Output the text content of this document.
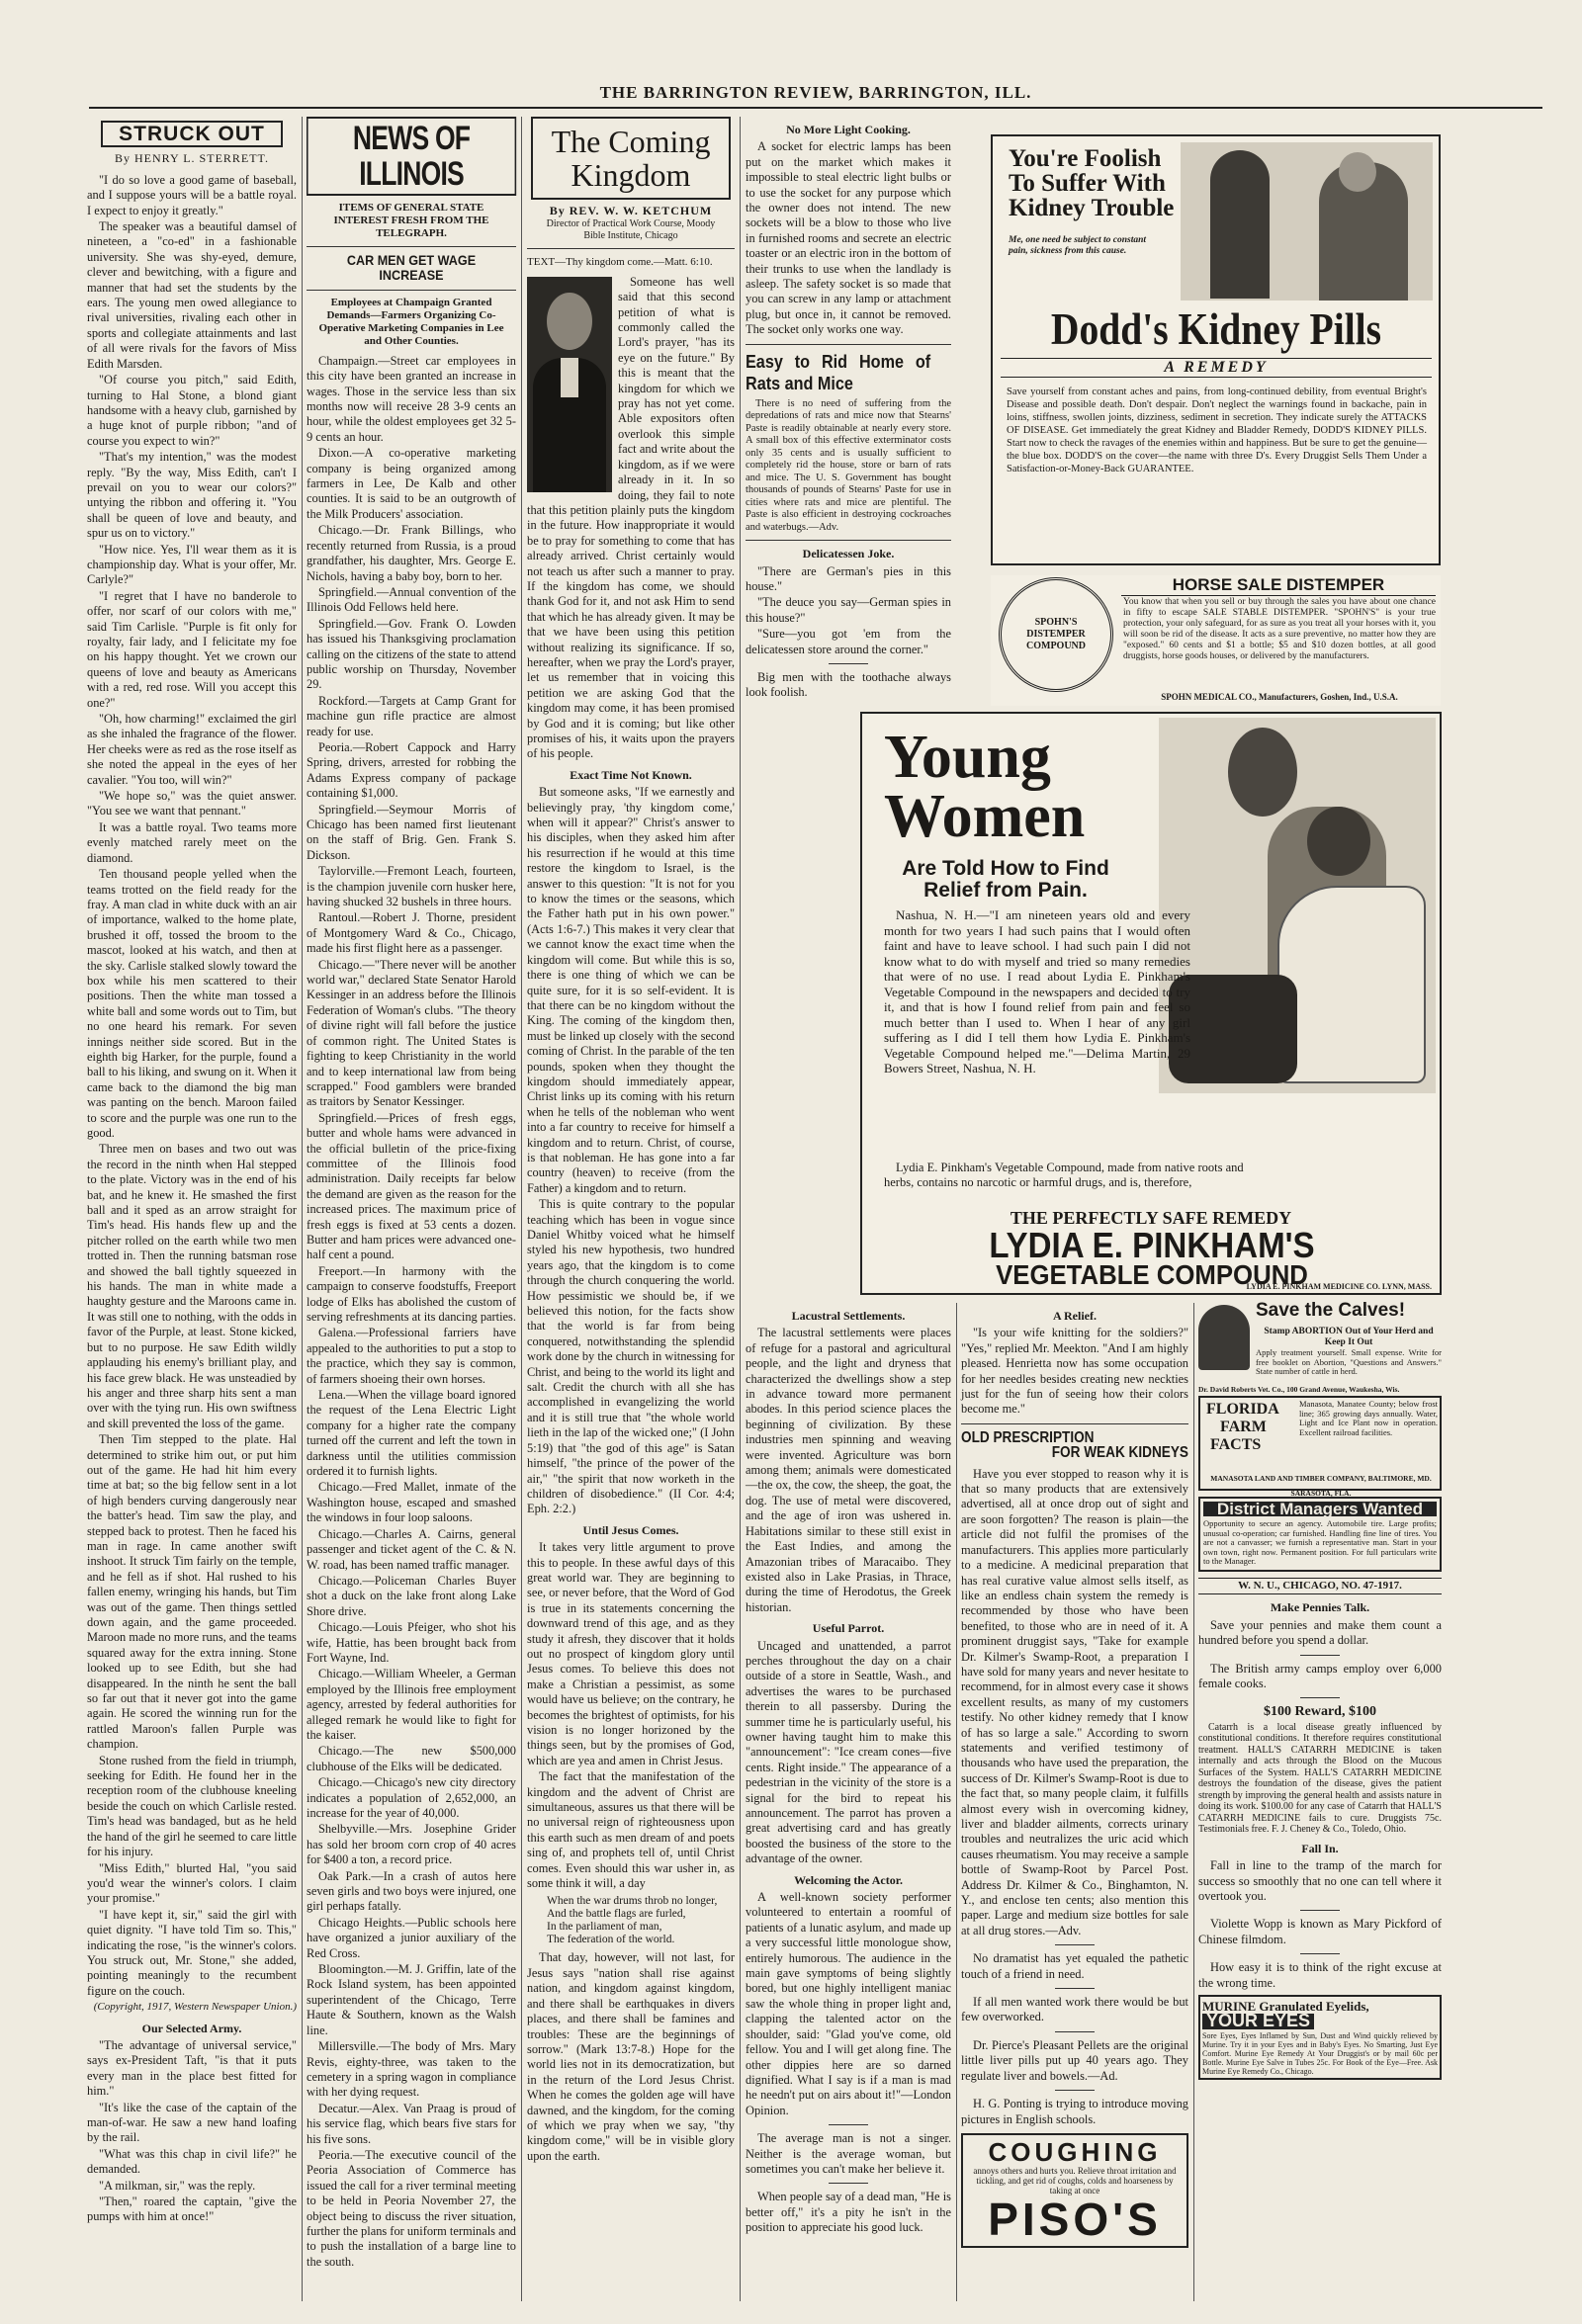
THE BARRINGTON REVIEW, BARRINGTON, ILL.
STRUCK OUT
By HENRY L. STERRETT.

"I do so love a good game of baseball, and I suppose yours will be a battle royal. I expect to enjoy it greatly."

The speaker was a beautiful damsel of nineteen, a "co-ed" in a fashionable university. She was shy-eyed, demure, clever and bewitching, with a figure and manner that had set the students by the ears. The young men owed allegiance to rival universities, rivaling each other in sports and collegiate attainments and last of all were rivals for the favors of Miss Edith Marsden.

"Of course you pitch," said Edith, turning to Hal Stone, a blond giant handsome with a heavy club, garnished by a huge knot of purple ribbon; "and of course you expect to win?"

"That's my intention," was the modest reply. "By the way, Miss Edith, can't I prevail on you to wear our colors?" untying the ribbon and offering it. "You shall be queen of love and beauty, and spur us on to victory."

"How nice. Yes, I'll wear them as it is championship day. What is your offer, Mr. Carlyle?"

"I regret that I have no banderole to offer, nor scarf of our colors with me," said Tim Carlisle. "Purple is fit only for royalty, fair lady, and I felicitate my foe on his happy thought. Yet we crown our queens of love and beauty as Americans with a red, red rose. Will you accept this one?"

"Oh, how charming!" exclaimed the girl as she inhaled the fragrance of the flower. Her cheeks were as red as the rose itself as she noted the appeal in the eyes of her cavalier. "You too, will win?"

"We hope so," was the quiet answer. "You see we want that pennant."

It was a battle royal. Two teams more evenly matched rarely meet on the diamond.

Ten thousand people yelled when the teams trotted on the field ready for the fray. A man clad in white duck with an air of importance, walked to the home plate, brushed it off, tossed the broom to the mascot, looked at his watch, and then at the sky. Carlisle stalked slowly toward the box while his men scattered to their positions. Then the white man tossed a white ball and some words out to Tim, but no one heard his remark. For seven innings neither side scored. But in the eighth big Harker, for the purple, found a ball to his liking, and swung on it. When it came back to the diamond the big man was panting on the bench. Maroon failed to score and the purple was one run to the good.

Three men on bases and two out was the record in the ninth when Hal stepped to the plate. Victory was in the end of his bat, and he knew it. He smashed the first ball and it sped as an arrow straight for Tim's head. His hands flew up and the pitcher rolled on the earth while two men trotted in. Then the running batsman rose and showed the ball tightly squeezed in his hands. The man in white made a haughty gesture and the Maroons came in. It was still one to nothing, with the odds in favor of the Purple, at least. Stone kicked, but to no purpose. He saw Edith wildly applauding his enemy's brilliant play, and his face grew black. He was unsteadied by his anger and three sharp hits sent a man over with the tying run. His own swiftness and skill prevented the loss of the game.

Then Tim stepped to the plate. Hal determined to strike him out, or put him out of the game. He had hit him every time at bat; so the big fellow sent in a lot of high benders curving dangerously near the batter's head. Tim saw the play, and stepped back to protest. Then he faced his man in rage. In came another swift inshoot. It struck Tim fairly on the temple, and he fell as if shot. Hal rushed to his fallen enemy, wringing his hands, but Tim was out of the game. Then things settled down again, and the game proceeded. Maroon made no more runs, and the teams squared away for the extra inning. Stone looked up to see Edith, but she had disappeared. In the ninth he sent the ball so far out that it never got into the game again. He scored the winning run for the rattled Maroon's fallen Purple was champion.

Stone rushed from the field in triumph, seeking for Edith. He found her in the reception room of the clubhouse kneeling beside the couch on which Carlisle rested. Tim's head was bandaged, but as he held the hand of the girl he seemed to care little for his injury.

"Miss Edith," blurted Hal, "you said you'd wear the winner's colors. I claim your promise."

"I have kept it, sir," said the girl with quiet dignity. "I have told Tim so. This," indicating the rose, "is the winner's colors. You struck out, Mr. Stone," she added, pointing meaningly to the recumbent figure on the couch.

(Copyright, 1917, Western Newspaper Union.)
Our Selected Army.

"The advantage of universal service," says ex-President Taft, "is that it puts every man in the place best fitted for him."

"It's like the case of the captain of the man-of-war. He saw a new hand loafing by the rail.

"What was this chap in civil life?" he demanded.

"A milkman, sir," was the reply.

"Then," roared the captain, "give the pumps with him at once!"

NEWS OF ILLINOIS
ITEMS OF GENERAL STATE INTEREST FRESH FROM THE TELEGRAPH.
CAR MEN GET WAGE INCREASE
Employees at Champaign Granted Demands—Farmers Organizing Co-Operative Marketing Companies in Lee and Other Counties.

Champaign.—Street car employees in this city have been granted an increase in wages. Those in the service less than six months now will receive 28 3-9 cents an hour, while the oldest employees get 32 5-9 cents an hour.

Dixon.—A co-operative marketing company is being organized among farmers in Lee, De Kalb and other counties. It is said to be an outgrowth of the Milk Producers' association.

Chicago.—Dr. Frank Billings, who recently returned from Russia, is a proud grandfather, his daughter, Mrs. George E. Nichols, having a baby boy, born to her.

Springfield.—Annual convention of the Illinois Odd Fellows held here.

Springfield.—Gov. Frank O. Lowden has issued his Thanksgiving proclamation calling on the citizens of the state to attend public worship on Thursday, November 29.

Rockford.—Targets at Camp Grant for machine gun rifle practice are almost ready for use.

Peoria.—Robert Cappock and Harry Spring, drivers, arrested for robbing the Adams Express company of package containing $1,000.

Springfield.—Seymour Morris of Chicago has been named first lieutenant on the staff of Brig. Gen. Frank S. Dickson.

Taylorville.—Fremont Leach, fourteen, is the champion juvenile corn husker here, having shucked 32 bushels in three hours.

Rantoul.—Robert J. Thorne, president of Montgomery Ward & Co., Chicago, made his first flight here as a passenger.

Chicago.—"There never will be another world war," declared State Senator Harold Kessinger in an address before the Illinois Federation of Woman's clubs. "The theory of divine right will fall before the justice of common right. The United States is fighting to keep Christianity in the world and to keep international law from being scrapped." Food gamblers were branded as traitors by Senator Kessinger.

Springfield.—Prices of fresh eggs, butter and whole hams were advanced in the official bulletin of the price-fixing committee of the Illinois food administration. Daily receipts far below the demand are given as the reason for the increased prices. The maximum price of fresh eggs is fixed at 53 cents a dozen. Butter and ham prices were advanced one-half cent a pound.

Freeport.—In harmony with the campaign to conserve foodstuffs, Freeport lodge of Elks has abolished the custom of serving refreshments at its dancing parties.

Galena.—Professional farriers have appealed to the authorities to put a stop to the practice, which they say is common, of farmers shoeing their own horses.

Lena.—When the village board ignored the request of the Lena Electric Light company for a higher rate the company turned off the current and left the town in darkness until the utilities commission ordered it to furnish lights.

Chicago.—Fred Mallet, inmate of the Washington house, escaped and smashed the windows in four loop saloons.

Chicago.—Charles A. Cairns, general passenger and ticket agent of the C. & N. W. road, has been named traffic manager.

Chicago.—Policeman Charles Buyer shot a duck on the lake front along Lake Shore drive.

Chicago.—Louis Pfeiger, who shot his wife, Hattie, has been brought back from Fort Wayne, Ind.

Chicago.—William Wheeler, a German employed by the Illinois free employment agency, arrested by federal authorities for alleged remark he would like to fight for the kaiser.

Chicago.—The new $500,000 clubhouse of the Elks will be dedicated.

Chicago.—Chicago's new city directory indicates a population of 2,652,000, an increase for the year of 40,000.

Shelbyville.—Mrs. Josephine Grider has sold her broom corn crop of 40 acres for $400 a ton, a record price.

Oak Park.—In a crash of autos here seven girls and two boys were injured, one girl perhaps fatally.

Chicago Heights.—Public schools here have organized a junior auxiliary of the Red Cross.

Bloomington.—M. J. Griffin, late of the Rock Island system, has been appointed superintendent of the Chicago, Terre Haute & Southern, known as the Walsh line.

Millersville.—The body of Mrs. Mary Revis, eighty-three, was taken to the cemetery in a spring wagon in compliance with her dying request.

Decatur.—Alex. Van Praag is proud of his service flag, which bears five stars for his five sons.

Peoria.—The executive council of the Peoria Association of Commerce has issued the call for a river terminal meeting to be held in Peoria November 27, the object being to discuss the river situation, further the plans for uniform terminals and to push the installation of a barge line to the south.

The Coming Kingdom
By REV. W. W. KETCHUM
Director of Practical Work Course, Moody Bible Institute, Chicago
TEXT—Thy kingdom come.—Matt. 6:10.

Someone has well said that this second petition of what is commonly called the Lord's prayer, "has its eye on the future." By this is meant that the kingdom for which we pray has not yet come. Able expositors often overlook this simple fact and write about the kingdom, as if we were already in it. In so doing, they fail to note that this petition plainly puts the kingdom in the future. How inappropriate it would be to pray for something to come that has already arrived. Christ certainly would not teach us after such a manner to pray. If the kingdom has come, we should thank God for it, and not ask Him to send that which he has already given. It may be that we have been using this petition without realizing its significance. If so, hereafter, when we pray the Lord's prayer, let us remember that in voicing this petition we are asking God that the kingdom may come, it has been promised by God and it is coming; but like other promises of his, it waits upon the prayers of his people.

Exact Time Not Known.

But someone asks, "If we earnestly and believingly pray, 'thy kingdom come,' when will it appear?" Christ's answer to his disciples, when they asked him after his resurrection if he would at this time restore the kingdom to Israel, is the answer to this question: "It is not for you to know the times or the seasons, which the Father hath put in his own power." (Acts 1:6-7.) This makes it very clear that we cannot know the exact time when the kingdom will come. But while this is so, there is one thing of which we can be quite sure, for it is so self-evident. It is that there can be no kingdom without the King. The coming of the kingdom then, must be linked up closely with the second coming of Christ. In the parable of the ten pounds, spoken when they thought the kingdom should immediately appear, Christ links up its coming with his return when he tells of the nobleman who went into a far country to receive for himself a kingdom and to return. Christ, of course, is that nobleman. He has gone into a far country (heaven) to receive (from the Father) a kingdom and to return.

This is quite contrary to the popular teaching which has been in vogue since Daniel Whitby voiced what he himself styled his new hypothesis, two hundred years ago, that the kingdom is to come through the church conquering the world. How pessimistic we should be, if we believed this notion, for the facts show that the world is far from being conquered, notwithstanding the splendid work done by the church in witnessing for Christ, and being to the world its light and salt. Credit the church with all she has accomplished in evangelizing the world and it is still true that "the whole world lieth in the lap of the wicked one;" (I John 5:19) that "the god of this age" is Satan himself, "the prince of the power of the air," "the spirit that now worketh in the children of disobedience." (II Cor. 4:4; Eph. 2:2.)

Until Jesus Comes.

It takes very little argument to prove this to people. In these awful days of this great world war. They are beginning to see, or never before, that the Word of God is true in its statements concerning the downward trend of this age, and as they study it afresh, they discover that it holds out no prospect of kingdom glory until Jesus comes. To believe this does not make a Christian a pessimist, as some would have us believe; on the contrary, he becomes the brightest of optimists, for his vision is no longer horizoned by the things seen, but by the promises of God, which are yea and amen in Christ Jesus.

The fact that the manifestation of the kingdom and the advent of Christ are simultaneous, assures us that there will be no universal reign of righteousness upon this earth such as men dream of and poets sing of, and prophets tell of, until Christ comes. Even should this war usher in, as some think it will, a day

When the war drums throb no longer,
And the battle flags are furled,
In the parliament of man,
The federation of the world.

That day, however, will not last, for Jesus says "nation shall rise against nation, and kingdom against kingdom, and there shall be earthquakes in divers places, and there shall be famines and troubles: These are the beginnings of sorrow." (Mark 13:7-8.) Hope for the world lies not in its democratization, but in the return of the Lord Jesus Christ. When he comes the golden age will have dawned, and the kingdom, for the coming of which we pray when we say, "thy kingdom come," will be in visible glory upon the earth.

No More Light Cooking.

A socket for electric lamps has been put on the market which makes it impossible to steal electric light bulbs or to use the socket for any purpose which the owner does not intend. The new sockets will be a blow to those who live in furnished rooms and secrete an electric toaster or an electric iron in the bottom of their trunks to use when the landlady is asleep. The safety socket is so made that you can screw in any lamp or attachment plug, but once in, it cannot be removed. The socket only works one way.

Easy to Rid Home of Rats and Mice
There is no need of suffering from the depredations of rats and mice now that Stearns' Paste is readily obtainable at nearly every store. A small box of this effective exterminator costs only 35 cents and is usually sufficient to completely rid the house, store or barn of rats and mice. The U. S. Government has bought thousands of pounds of Stearns' Paste for use in cities where rats and mice are plentiful. The Paste is also efficient in destroying cockroaches and waterbugs.—Adv.
Delicatessen Joke.

"There are German's pies in this house."

"The deuce you say—German spies in this house?"

"Sure—you got 'em from the delicatessen store around the corner."

Big men with the toothache always look foolish.

You're Foolish
To Suffer With
Kidney Trouble
Me, one need be subject to constant pain, sickness from this cause.
Dodd's Kidney Pills
A REMEDY
Save yourself from constant aches and pains, from long-continued debility, from eventual Bright's Disease and possible death. Don't despair. Don't neglect the warnings found in backache, pain in loins, stiffness, swollen joints, dizziness, sediment in secretion. They indicate surely the ATTACKS OF DISEASE. Get immediately the great Kidney and Bladder Remedy, DODD'S KIDNEY PILLS. Start now to check the ravages of the enemies within and happiness. But be sure to get the genuine—the blue box. DODD'S on the cover—the name with three D's. Every Druggist Sells Them Under a Satisfaction-or-Money-Back GUARANTEE.
SPOHN'S DISTEMPER COMPOUND
HORSE SALE DISTEMPER
You know that when you sell or buy through the sales you have about one chance in fifty to escape SALE STABLE DISTEMPER. "SPOHN'S" is your true protection, your only safeguard, for as sure as you treat all your horses with it, you will soon be rid of the disease. It acts as a sure preventive, no matter how they are "exposed." 60 cents and $1 a bottle; $5 and $10 dozen bottles, at all good druggists, horse goods houses, or delivered by the manufacturers.
SPOHN MEDICAL CO., Manufacturers, Goshen, Ind., U.S.A.
Young
Women
Are Told How to Find
Relief from Pain.
Nashua, N. H.—"I am nineteen years old and every month for two years I had such pains that I would often faint and have to leave school. I had such pain I did not know what to do with myself and tried so many remedies that were of no use. I read about Lydia E. Pinkham's Vegetable Compound in the newspapers and decided to try it, and that is how I found relief from pain and feel so much better than I used to. When I hear of any girl suffering as I did I tell them how Lydia E. Pinkham's Vegetable Compound helped me."—Delima Martin, 29 Bowers Street, Nashua, N. H.
Lydia E. Pinkham's Vegetable Compound, made from native roots and herbs, contains no narcotic or harmful drugs, and is, therefore,
THE PERFECTLY SAFE REMEDY
LYDIA E. PINKHAM'S
VEGETABLE COMPOUND
LYDIA E. PINKHAM MEDICINE CO. LYNN, MASS.
Lacustral Settlements.

The lacustral settlements were places of refuge for a pastoral and agricultural people, and the light and dryness that characterized the dwellings show a step in advance toward more permanent abodes. In this period science places the beginning of civilization. By these industries men spinning and weaving were invented. Agriculture was born among them; animals were domesticated—the ox, the cow, the sheep, the goat, the dog. The use of metal were discovered, and the age of iron was ushered in. Habitations similar to these still exist in the East Indies, and among the Amazonian tribes of Maracaibo. They existed also in Lake Prasias, in Thrace, during the time of Herodotus, the Greek historian.

Useful Parrot.

Uncaged and unattended, a parrot perches throughout the day on a chair outside of a store in Seattle, Wash., and advertises the wares to be purchased therein to all passersby. During the summer time he is particularly useful, his owner having taught him to make this "announcement": "Ice cream cones—five cents. Right inside." The appearance of a pedestrian in the vicinity of the store is a signal for the bird to repeat his announcement. The parrot has proven a great advertising card and has greatly boosted the business of the store to the advantage of the owner.

Welcoming the Actor.

A well-known society performer volunteered to entertain a roomful of patients of a lunatic asylum, and made up a very successful little monologue show, entirely humorous. The audience in the main gave symptoms of being slightly bored, but one highly intelligent maniac saw the whole thing in proper light and, clapping the talented actor on the shoulder, said: "Glad you've come, old fellow. You and I will get along fine. The other dippies here are so darned dignified. What I say is if a man is mad he needn't put on airs about it!"—London Opinion.

The average man is not a singer. Neither is the average woman, but sometimes you can't make her believe it.

When people say of a dead man, "He is better off," it's a pity he isn't in the position to appreciate his good luck.

A Relief.

"Is your wife knitting for the soldiers?" "Yes," replied Mr. Meekton. "And I am highly pleased. Henrietta now has some occupation for her needles besides creating new neckties just for the fun of seeing how their colors become me."

OLD PRESCRIPTION
FOR WEAK KIDNEYS

Have you ever stopped to reason why it is that so many products that are extensively advertised, all at once drop out of sight and are soon forgotten? The reason is plain—the article did not fulfil the promises of the manufacturers. This applies more particularly to a medicine. A medicinal preparation that has real curative value almost sells itself, as like an endless chain system the remedy is recommended by those who have been benefited, to those who are in need of it. A prominent druggist says, "Take for example Dr. Kilmer's Swamp-Root, a preparation I have sold for many years and never hesitate to recommend, for in almost every case it shows excellent results, as many of my customers testify. No other kidney remedy that I know of has so large a sale." According to sworn statements and verified testimony of thousands who have used the preparation, the success of Dr. Kilmer's Swamp-Root is due to the fact that, so many people claim, it fulfills almost every wish in overcoming kidney, liver and bladder ailments, corrects urinary troubles and neutralizes the uric acid which causes rheumatism. You may receive a sample bottle of Swamp-Root by Parcel Post. Address Dr. Kilmer & Co., Binghamton, N. Y., and enclose ten cents; also mention this paper. Large and medium size bottles for sale at all drug stores.—Adv.

No dramatist has yet equaled the pathetic touch of a friend in need.

If all men wanted work there would be but few overworked.

Dr. Pierce's Pleasant Pellets are the original little liver pills put up 40 years ago. They regulate liver and bowels.—Ad.

H. G. Ponting is trying to introduce moving pictures in English schools.

COUGHING
annoys others and hurts you. Relieve throat irritation and tickling, and get rid of coughs, colds and hoarseness by taking at once
PISO'S
Save the Calves!
Stamp ABORTION Out of Your Herd and Keep It Out
Apply treatment yourself. Small expense. Write for free booklet on Abortion, "Questions and Answers." State number of cattle in herd.
Dr. David Roberts Vet. Co., 100 Grand Avenue, Waukesha, Wis.
FLORIDA
FARM
FACTS
Manasota, Manatee County; below frost line; 365 growing days annually. Water, Light and Ice Plant now in operation. Excellent railroad facilities.
MANASOTA LAND AND TIMBER COMPANY, BALTIMORE, MD. SARASOTA, FLA.
District Managers Wanted
Opportunity to secure an agency. Automobile tire. Large profits; unusual co-operation; car furnished. Handling fine line of tires. You are not a canvasser; we furnish a representative man. Start in your own town, right now. Permanent position. For full particulars write to the Manager.
W. N. U., CHICAGO, NO. 47-1917.
Make Pennies Talk.

Save your pennies and make them count a hundred before you spend a dollar.

The British army camps employ over 6,000 female cooks.

$100 Reward, $100
Catarrh is a local disease greatly influenced by constitutional conditions. It therefore requires constitutional treatment. HALL'S CATARRH MEDICINE is taken internally and acts through the Blood on the Mucous Surfaces of the System. HALL'S CATARRH MEDICINE destroys the foundation of the disease, gives the patient strength by improving the general health and assists nature in doing its work. $100.00 for any case of Catarrh that HALL'S CATARRH MEDICINE fails to cure. Druggists 75c. Testimonials free. F. J. Cheney & Co., Toledo, Ohio.
Fall In.

Fall in line to the tramp of the march for success so smoothly that no one can tell where it overtook you.

Violette Wopp is known as Mary Pickford of Chinese filmdom.

How easy it is to think of the right excuse at the wrong time.

MURINE Granulated Eyelids,
YOUR EYES
Sore Eyes, Eyes Inflamed by Sun, Dust and Wind quickly relieved by Murine. Try it in your Eyes and in Baby's Eyes. No Smarting, Just Eye Comfort. Murine Eye Remedy At Your Druggist's or by mail 60c per Bottle. Murine Eye Salve in Tubes 25c. For Book of the Eye—Free. Ask Murine Eye Remedy Co., Chicago.
